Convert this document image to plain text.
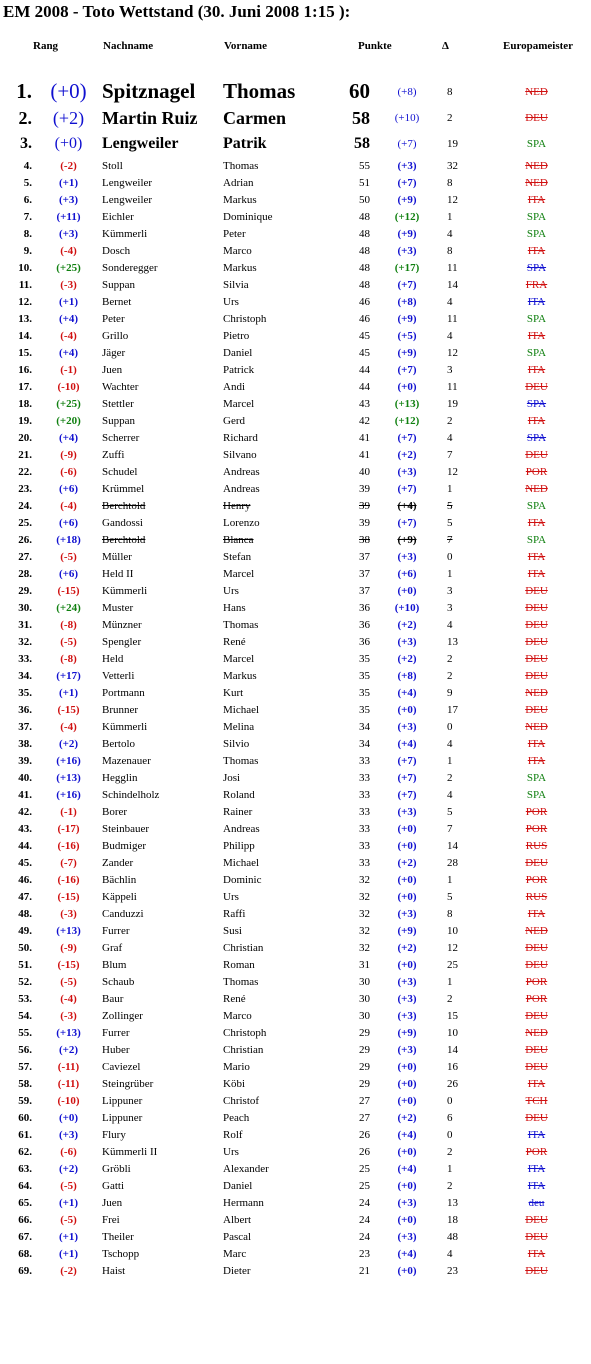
EM 2008 - Toto Wettstand (30. Juni 2008 1:15 ):
Rang	Nachname	Vorname	Punkte	Δ	Europameister
1.	(+0)	Spitznagel	Thomas	60	(+8)	8	NED
2.	(+2)	Martin Ruiz	Carmen	58	(+10)	2	DEU
3.	(+0)	Lengweiler	Patrik	58	(+7)	19	SPA
4.	(-2)	Stoll	Thomas	55	(+3)	32	NED
5.	(+1)	Lengweiler	Adrian	51	(+7)	8	NED
6.	(+3)	Lengweiler	Markus	50	(+9)	12	ITA
7.	(+11)	Eichler	Dominique	48	(+12)	1	SPA
8.	(+3)	Kümmerli	Peter	48	(+9)	4	SPA
9.	(-4)	Dosch	Marco	48	(+3)	8	ITA
10.	(+25)	Sonderegger	Markus	48	(+17)	11	SPA
11.	(-3)	Suppan	Silvia	48	(+7)	14	FRA
12.	(+1)	Bernet	Urs	46	(+8)	4	ITA
13.	(+4)	Peter	Christoph	46	(+9)	11	SPA
14.	(-4)	Grillo	Pietro	45	(+5)	4	ITA
15.	(+4)	Jäger	Daniel	45	(+9)	12	SPA
16.	(-1)	Juen	Patrick	44	(+7)	3	ITA
17.	(-10)	Wachter	Andi	44	(+0)	11	DEU
18.	(+25)	Stettler	Marcel	43	(+13)	19	SPA
19.	(+20)	Suppan	Gerd	42	(+12)	2	ITA
20.	(+4)	Scherrer	Richard	41	(+7)	4	SPA
21.	(-9)	Zuffi	Silvano	41	(+2)	7	DEU
22.	(-6)	Schudel	Andreas	40	(+3)	12	POR
23.	(+6)	Krümmel	Andreas	39	(+7)	1	NED
24.	(-4)	Berchtold	Henry	39	(+4)	5	SPA
25.	(+6)	Gandossi	Lorenzo	39	(+7)	5	ITA
26.	(+18)	Berchtold	Blanca	38	(+9)	7	SPA
27.	(-5)	Müller	Stefan	37	(+3)	0	ITA
28.	(+6)	Held II	Marcel	37	(+6)	1	ITA
29.	(-15)	Kümmerli	Urs	37	(+0)	3	DEU
30.	(+24)	Muster	Hans	36	(+10)	3	DEU
31.	(-8)	Münzner	Thomas	36	(+2)	4	DEU
32.	(-5)	Spengler	René	36	(+3)	13	DEU
33.	(-8)	Held	Marcel	35	(+2)	2	DEU
34.	(+17)	Vetterli	Markus	35	(+8)	2	DEU
35.	(+1)	Portmann	Kurt	35	(+4)	9	NED
36.	(-15)	Brunner	Michael	35	(+0)	17	DEU
37.	(-4)	Kümmerli	Melina	34	(+3)	0	NED
38.	(+2)	Bertolo	Silvio	34	(+4)	4	ITA
39.	(+16)	Mazenauer	Thomas	33	(+7)	1	ITA
40.	(+13)	Hegglin	Josi	33	(+7)	2	SPA
41.	(+16)	Schindelholz	Roland	33	(+7)	4	SPA
42.	(-1)	Borer	Rainer	33	(+3)	5	POR
43.	(-17)	Steinbauer	Andreas	33	(+0)	7	POR
44.	(-16)	Budmiger	Philipp	33	(+0)	14	RUS
45.	(-7)	Zander	Michael	33	(+2)	28	DEU
46.	(-16)	Bächlin	Dominic	32	(+0)	1	POR
47.	(-15)	Käppeli	Urs	32	(+0)	5	RUS
48.	(-3)	Canduzzi	Raffi	32	(+3)	8	ITA
49.	(+13)	Furrer	Susi	32	(+9)	10	NED
50.	(-9)	Graf	Christian	32	(+2)	12	DEU
51.	(-15)	Blum	Roman	31	(+0)	25	DEU
52.	(-5)	Schaub	Thomas	30	(+3)	1	POR
53.	(-4)	Baur	René	30	(+3)	2	POR
54.	(-3)	Zollinger	Marco	30	(+3)	15	DEU
55.	(+13)	Furrer	Christoph	29	(+9)	10	NED
56.	(+2)	Huber	Christian	29	(+3)	14	DEU
57.	(-11)	Caviezel	Mario	29	(+0)	16	DEU
58.	(-11)	Steingrüber	Köbi	29	(+0)	26	ITA
59.	(-10)	Lippuner	Christof	27	(+0)	0	TCH
60.	(+0)	Lippuner	Peach	27	(+2)	6	DEU
61.	(+3)	Flury	Rolf	26	(+4)	0	ITA
62.	(-6)	Kümmerli II	Urs	26	(+0)	2	POR
63.	(+2)	Gröbli	Alexander	25	(+4)	1	ITA
64.	(-5)	Gatti	Daniel	25	(+0)	2	ITA
65.	(+1)	Juen	Hermann	24	(+3)	13	deu
66.	(-5)	Frei	Albert	24	(+0)	18	DEU
67.	(+1)	Theiler	Pascal	24	(+3)	48	DEU
68.	(+1)	Tschopp	Marc	23	(+4)	4	ITA
69.	(-2)	Haist	Dieter	21	(+0)	23	DEU
